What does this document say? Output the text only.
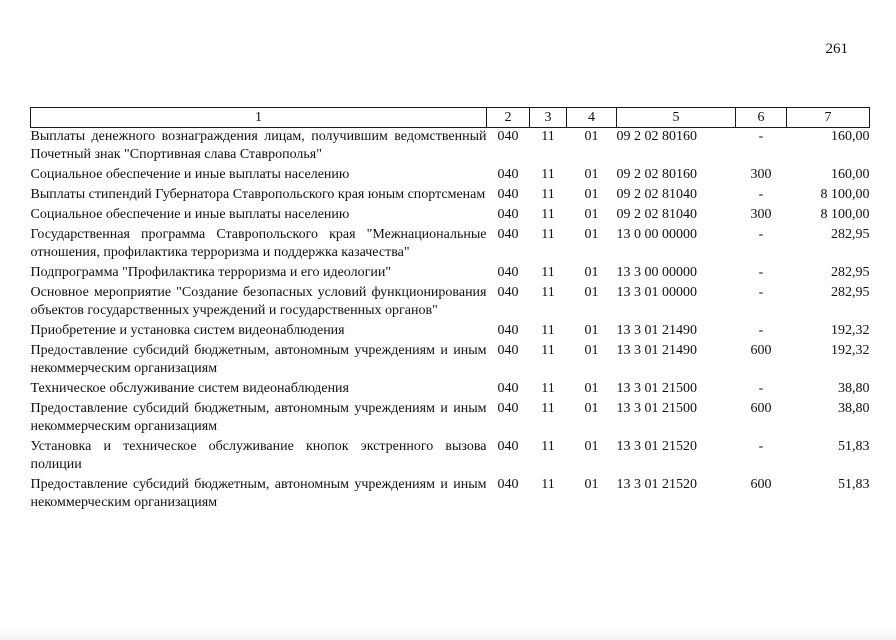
261
1	2	3	4	5	6	7
Выплаты денежного вознаграждения лицам, получившим ведомственный Почетный знак "Спортивная слава Ставрополья"	040	11	01	09 2 02 80160	-	160,00
Социальное обеспечение и иные выплаты населению	040	11	01	09 2 02 80160	300	160,00
Выплаты стипендий Губернатора Ставропольского края юным спортсменам	040	11	01	09 2 02 81040	-	8 100,00
Социальное обеспечение и иные выплаты населению	040	11	01	09 2 02 81040	300	8 100,00
Государственная программа Ставропольского края "Межнациональные отношения, профилактика терроризма и поддержка казачества"	040	11	01	13 0 00 00000	-	282,95
Подпрограмма "Профилактика терроризма и его идеологии"	040	11	01	13 3 00 00000	-	282,95
Основное мероприятие "Создание безопасных условий функционирования объектов государственных учреждений и государственных органов"	040	11	01	13 3 01 00000	-	282,95
Приобретение и установка систем видеонаблюдения	040	11	01	13 3 01 21490	-	192,32
Предоставление субсидий бюджетным, автономным учреждениям и иным некоммерческим организациям	040	11	01	13 3 01 21490	600	192,32
Техническое обслуживание систем видеонаблюдения	040	11	01	13 3 01 21500	-	38,80
Предоставление субсидий бюджетным, автономным учреждениям и иным некоммерческим организациям	040	11	01	13 3 01 21500	600	38,80
Установка и техническое обслуживание кнопок экстренного вызова полиции	040	11	01	13 3 01 21520	-	51,83
Предоставление субсидий бюджетным, автономным учреждениям и иным некоммерческим организациям	040	11	01	13 3 01 21520	600	51,83
